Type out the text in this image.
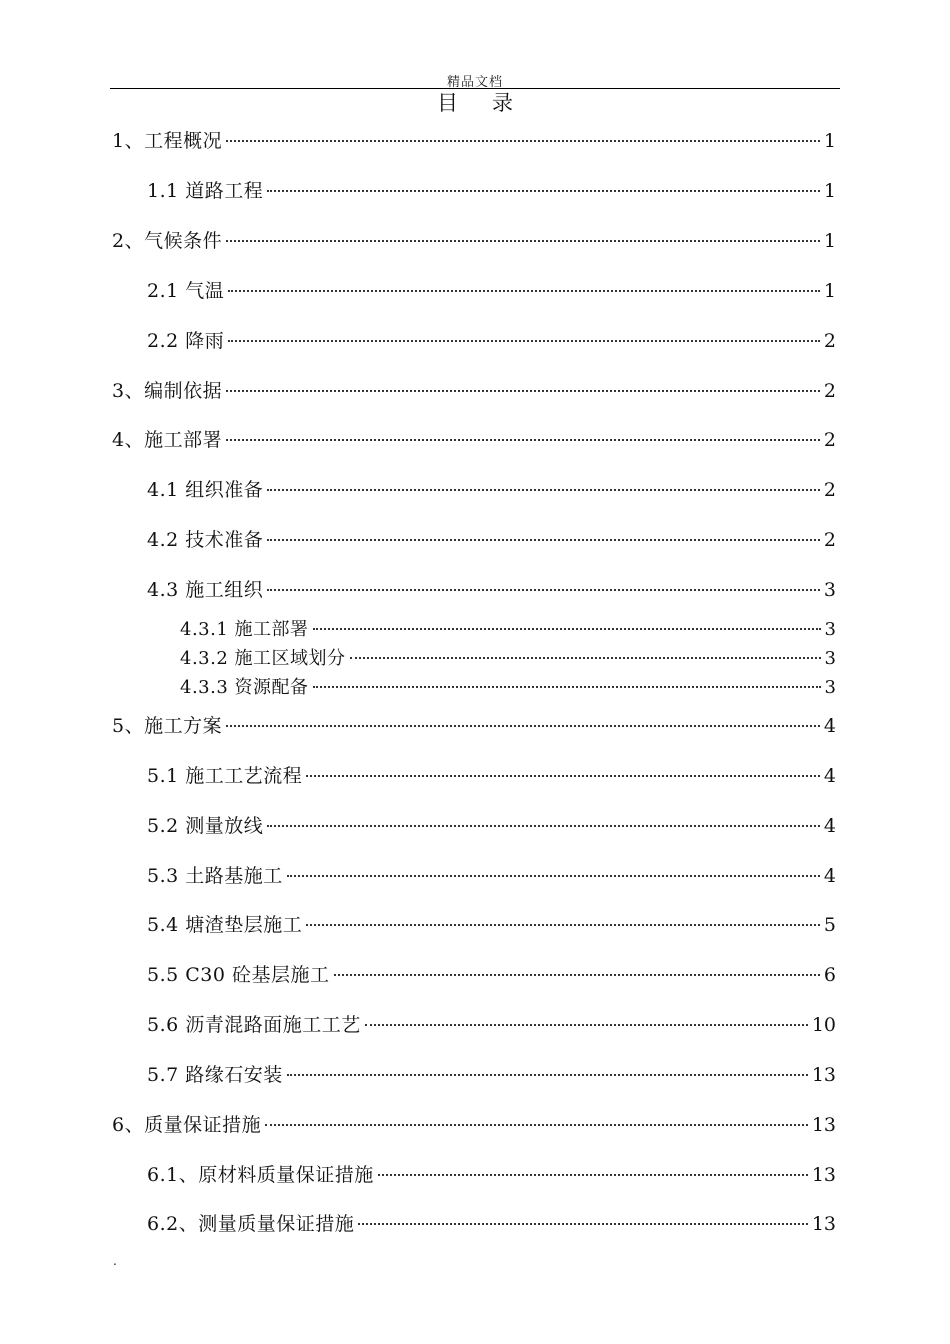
精品文档
目录
1、工程概况	1
1.1 道路工程	1
2、气候条件	1
2.1 气温	1
2.2 降雨	2
3、编制依据	2
4、施工部署	2
4.1 组织准备	2
4.2 技术准备	2
4.3 施工组织	3
4.3.1 施工部署	3
4.3.2 施工区域划分	3
4.3.3 资源配备	3
5、施工方案	4
5.1 施工工艺流程	4
5.2 测量放线	4
5.3 土路基施工	4
5.4 塘渣垫层施工	5
5.5 C30 砼基层施工	6
5.6 沥青混路面施工工艺	10
5.7 路缘石安装	13
6、质量保证措施	13
6.1、原材料质量保证措施	13
6.2、测量质量保证措施	13
.
